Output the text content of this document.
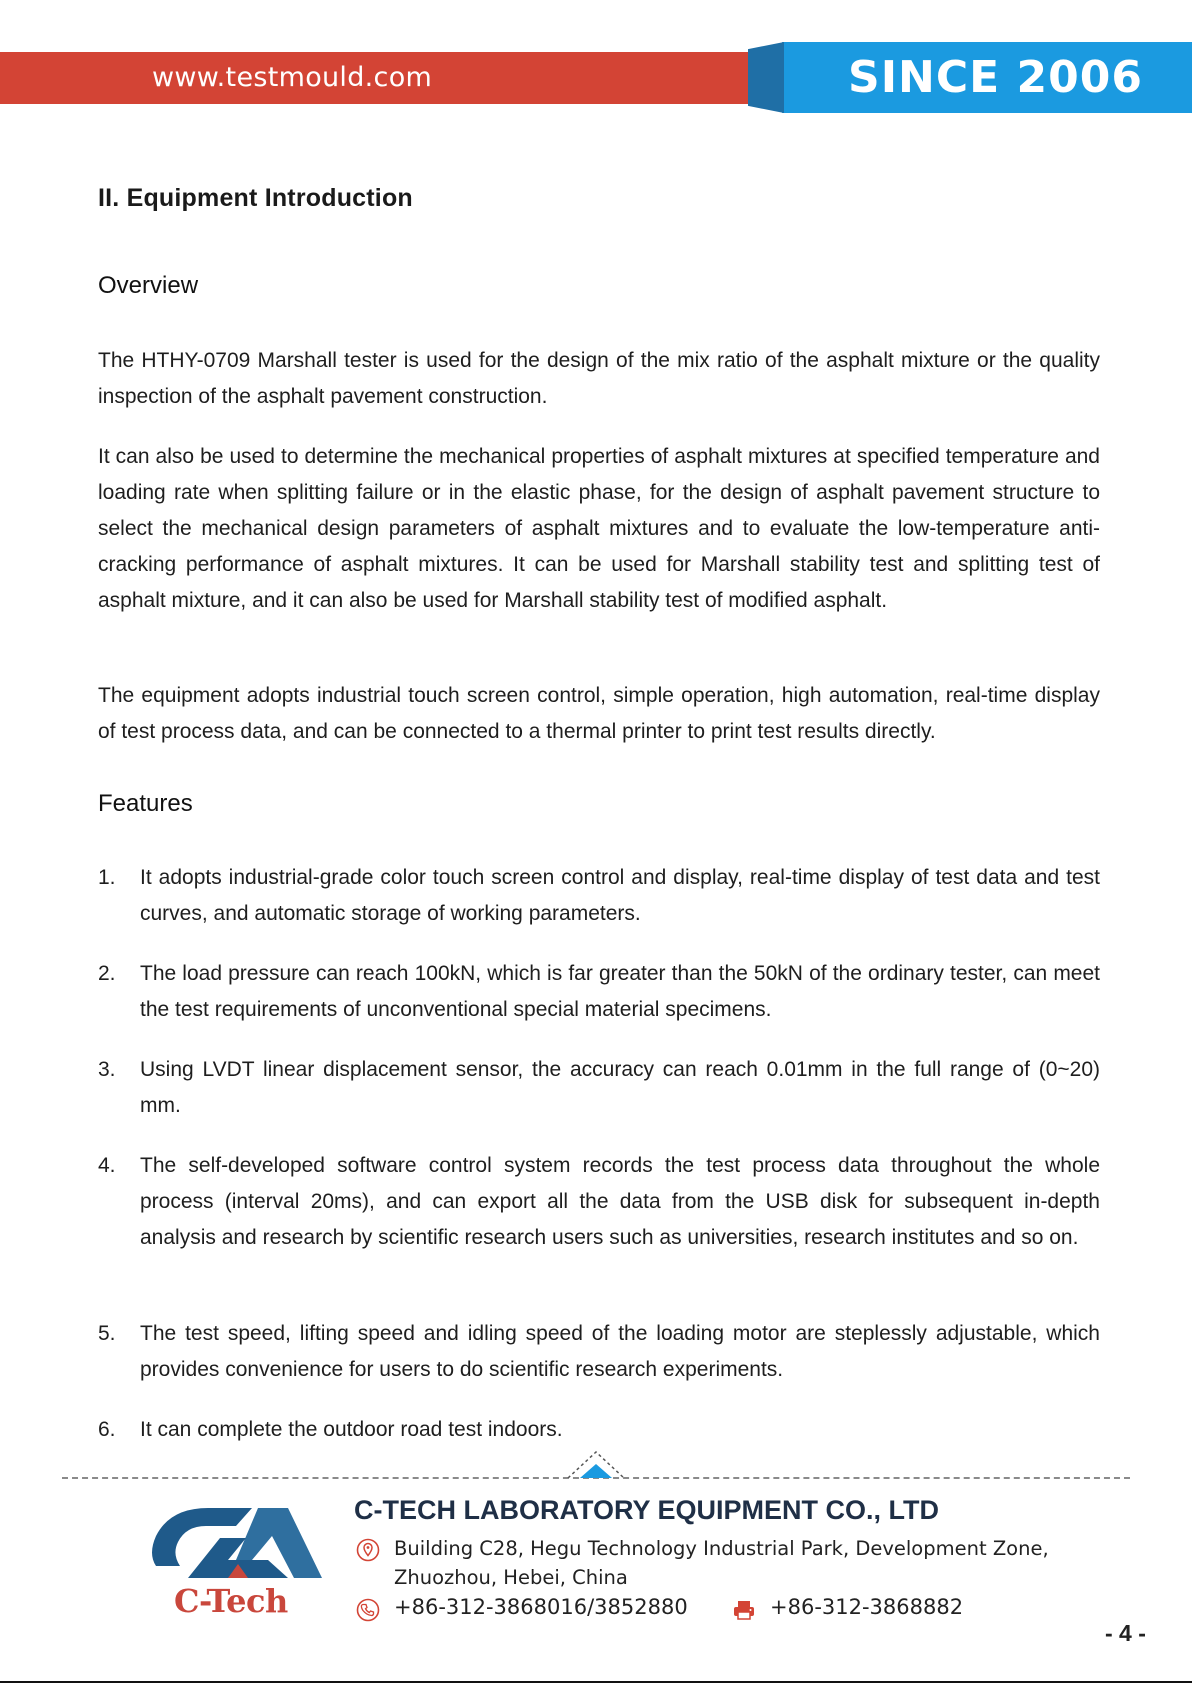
www.testmould.com	SINCE 2006
II. Equipment Introduction
Overview

The HTHY-0709 Marshall tester is used for the design of the mix ratio of the asphalt mixture or the quality inspection of the asphalt pavement construction.

It can also be used to determine the mechanical properties of asphalt mixtures at specified temperature and loading rate when splitting failure or in the elastic phase, for the design of asphalt pavement structure to select the mechanical design parameters of asphalt mixtures and to evaluate the low-temperature anti-cracking performance of asphalt mixtures. It can be used for Marshall stability test and splitting test of asphalt mixture, and it can also be used for Marshall stability test of modified asphalt.

The equipment adopts industrial touch screen control, simple operation, high automation, real-time display of test process data, and can be connected to a thermal printer to print test results directly.

Features
1. It adopts industrial-grade color touch screen control and display, real-time display of test data and test curves, and automatic storage of working parameters.
2. The load pressure can reach 100kN, which is far greater than the 50kN of the ordinary tester, can meet the test requirements of unconventional special material specimens.
3. Using LVDT linear displacement sensor, the accuracy can reach 0.01mm in the full range of (0~20) mm.
4. The self-developed software control system records the test process data throughout the whole process (interval 20ms), and can export all the data from the USB disk for subsequent in-depth analysis and research by scientific research users such as universities, research institutes and so on.
5. The test speed, lifting speed and idling speed of the loading motor are steplessly adjustable, which provides convenience for users to do scientific research experiments.
6. It can complete the outdoor road test indoors.
C-Tech
C-TECH LABORATORY EQUIPMENT CO., LTD
Building C28, Hegu Technology Industrial Park, Development Zone,
Zhuozhou, Hebei, China
+86-312-3868016/3852880	+86-312-3868882
- 4 -
